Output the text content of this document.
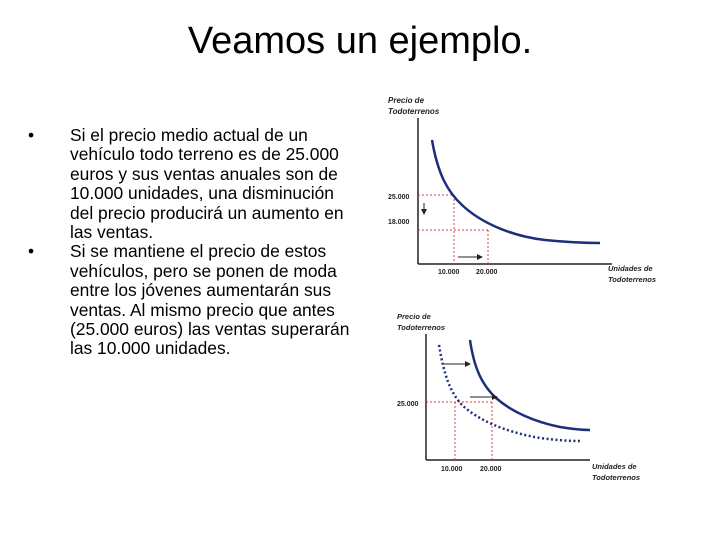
Veamos un ejemplo.
• Si el precio medio actual de un vehículo todo terreno es de 25.000 euros y sus ventas anuales son de 10.000 unidades, una disminución del precio producirá un aumento en las ventas.
• Si se mantiene el precio de estos vehículos, pero se ponen de moda entre los jóvenes aumentarán sus ventas. Al mismo precio que antes (25.000 euros) las ventas superarán las 10.000 unidades.
Precio de
Todoterrenos
25.000
18.000
10.000 20.000	Unidades de
Todoterrenos
Precio de
Todoterrenos
25.000
10.000	20.000	Unidades de
Todoterrenos
